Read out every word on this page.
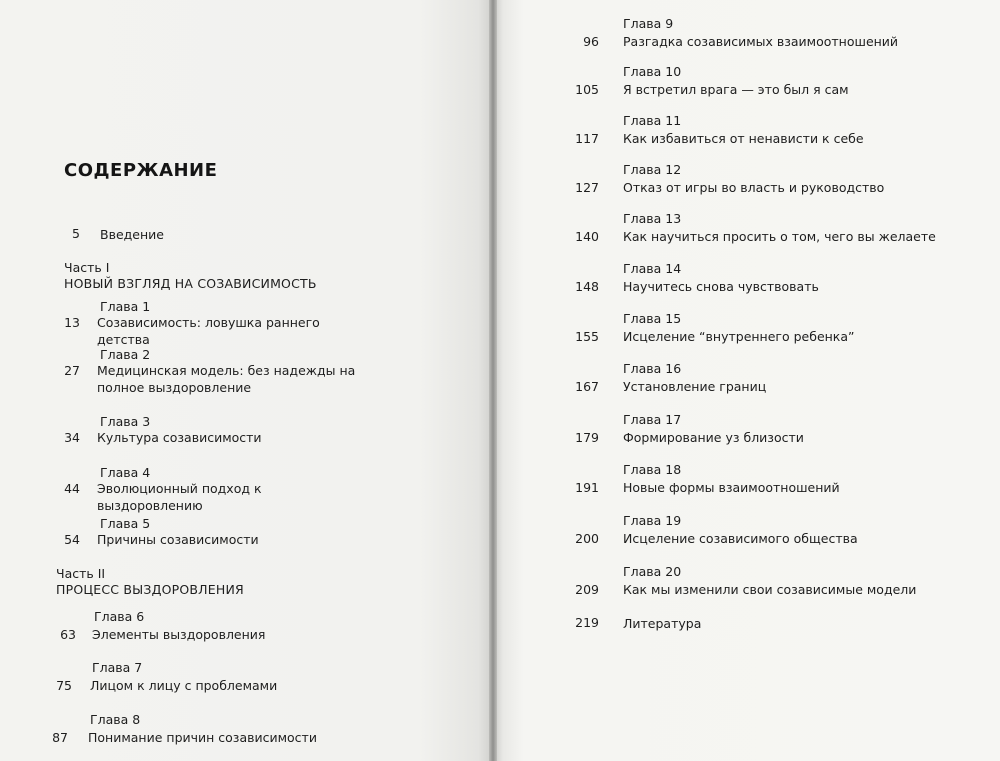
СОДЕРЖАНИЕ
5 Введение
Часть I
НОВЫЙ ВЗГЛЯД НА СОЗАВИСИМОСТЬ
Глава 1
13 Созависимость: ловушка раннего детства
Глава 2
27 Медицинская модель: без надежды на полное выздоровление
Глава 3
34 Культура созависимости
Глава 4
44 Эволюционный подход к выздоровлению
Глава 5
54 Причины созависимости
Часть II
ПРОЦЕСС ВЫЗДОРОВЛЕНИЯ
Глава 6
63 Элементы выздоровления
Глава 7
75 Лицом к лицу с проблемами
Глава 8
87 Понимание причин созависимости
Глава 9
96 Разгадка созависимых взаимоотношений
Глава 10
105 Я встретил врага — это был я сам
Глава 11
117 Как избавиться от ненависти к себе
Глава 12
127 Отказ от игры во власть и руководство
Глава 13
140 Как научиться просить о том, чего вы желаете
Глава 14
148 Научитесь снова чувствовать
Глава 15
155 Исцеление “внутреннего ребенка”
Глава 16
167 Установление границ
Глава 17
179 Формирование уз близости
Глава 18
191 Новые формы взаимоотношений
Глава 19
200 Исцеление созависимого общества
Глава 20
209 Как мы изменили свои созависимые модели
219 Литература
